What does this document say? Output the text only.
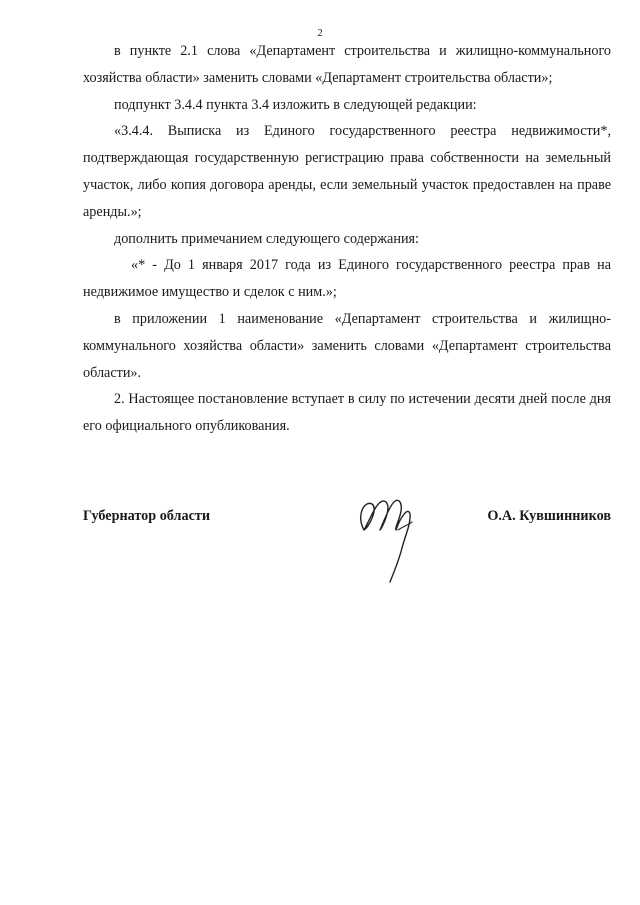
2

в пункте 2.1 слова «Департамент строительства и жилищно-коммунального хозяйства области» заменить словами «Департамент строительства области»;

подпункт 3.4.4 пункта 3.4 изложить в следующей редакции:

«3.4.4. Выписка из Единого государственного реестра недвижимости*, подтверждающая государственную регистрацию права собственности на земельный участок, либо копия договора аренды, если земельный участок предоставлен на праве аренды.»;

дополнить примечанием следующего содержания:

«* - До 1 января 2017 года из Единого государственного реестра прав на недвижимое имущество и сделок с ним.»;

в приложении 1 наименование «Департамент строительства и жилищно-коммунального хозяйства области» заменить словами «Департамент строительства области».

2. Настоящее постановление вступает в силу по истечении десяти дней после дня его официального опубликования.

Губернатор области	О.А. Кувшинников
